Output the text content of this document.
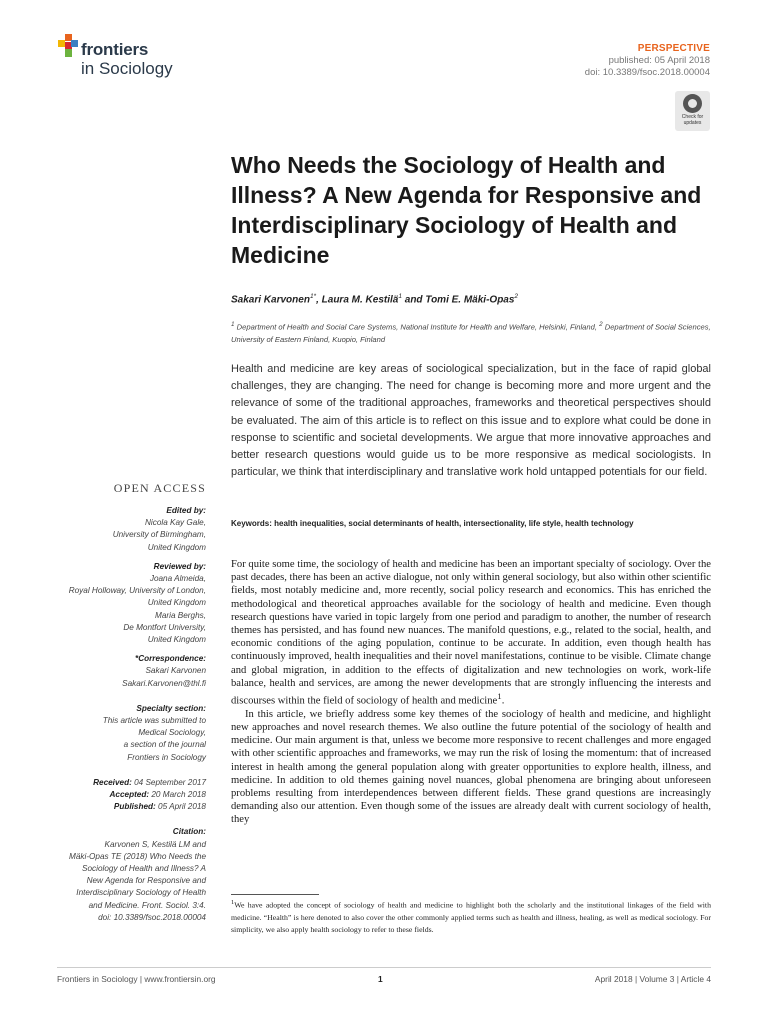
frontiers
in Sociology
PERSPECTIVE
published: 05 April 2018
doi: 10.3389/fsoc.2018.00004
Check for updates
Who Needs the Sociology of Health and Illness? A New Agenda for Responsive and Interdisciplinary Sociology of Health and Medicine
Sakari Karvonen$^{1*}$, Laura M. Kestilä$^1$ and Tomi E. Mäki-Opas$^2$
$^1$ Department of Health and Social Care Systems, National Institute for Health and Welfare, Helsinki, Finland, $^2$ Department of Social Sciences, University of Eastern Finland, Kuopio, Finland
Health and medicine are key areas of sociological specialization, but in the face of rapid global challenges, they are changing. The need for change is becoming more and more urgent and the relevance of some of the traditional approaches, frameworks and theoretical perspectives should be evaluated. The aim of this article is to reflect on this issue and to explore what could be done in response to scientific and societal developments. We argue that more innovative approaches and better research questions would guide us to be more responsive as medical sociologists. In particular, we think that interdisciplinary and translative work hold untapped potentials for our field.
Keywords: health inequalities, social determinants of health, intersectionality, life style, health technology
OPEN ACCESS
Edited by:
Nicola Kay Gale,
University of Birmingham,
United Kingdom
Reviewed by:
Joana Almeida,
Royal Holloway, University of London,
United Kingdom
Maria Berghs,
De Montfort University,
United Kingdom
*Correspondence:
Sakari Karvonen
Sakari.Karvonen@thl.fi
Specialty section:
This article was submitted to
Medical Sociology,
a section of the journal
Frontiers in Sociology
Received: 04 September 2017
Accepted: 20 March 2018
Published: 05 April 2018
Citation:
Karvonen S, Kestilä LM and
Mäki-Opas TE (2018) Who Needs the
Sociology of Health and Illness? A
New Agenda for Responsive and
Interdisciplinary Sociology of Health
and Medicine. Front. Sociol. 3:4.
doi: 10.3389/fsoc.2018.00004

For quite some time, the sociology of health and medicine has been an important specialty of sociology. Over the past decades, there has been an active dialogue, not only within general sociology, but also within other scientific fields, most notably medicine and, more recently, social policy research and economics. This has enriched the methodological and theoretical approaches available for the sociology of health and medicine. Even though research questions have varied in topic largely from one period and paradigm to another, the number of research themes has persisted, and has found new nuances. The manifold questions, e.g., related to the social, health, and economic conditions of the aging population, continue to be accurate. In addition, even though health has continuously improved, health inequalities and their novel manifestations, continue to be visible. Climate change and global migration, in addition to the effects of digitalization and new technologies on work, work-life balance, health and services, are among the newer developments that are strongly influencing the interests and discourses within the field of sociology of health and medicine$^1$.

In this article, we briefly address some key themes of the sociology of health and medicine, and highlight new approaches and novel research themes. We also outline the future potential of the sociology of health and medicine. Our main argument is that, unless we become more responsive to recent challenges and more engaged with other scientific approaches and frameworks, we may run the risk of losing the momentum: that of increased interest in health among the general population along with greater opportunities to explore health, illness, and medicine. In addition to old themes gaining novel nuances, global phenomena are bringing about unforeseen problems resulting from interdependences between different fields. These grand questions are increasingly demanding also our attention. Even though some of the issues are already dealt with current sociology of health, they

$^1$We have adopted the concept of sociology of health and medicine to highlight both the scholarly and the institutional linkages of the field with medicine. “Health” is here denoted to also cover the other commonly applied terms such as health and illness, healing, as well as medical sociology. For simplicity, we also apply health sociology to refer to these fields.
Frontiers in Sociology | www.frontiersin.org	1	April 2018 | Volume 3 | Article 4
